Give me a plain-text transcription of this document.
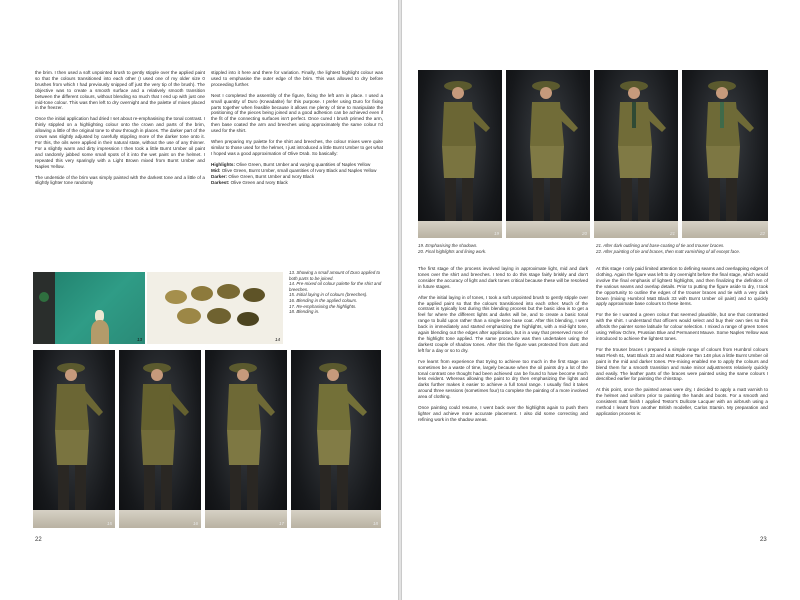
the brim. I then used a soft unpointed brush to gently stipple over the applied paint so that the colours transitioned into each other (I used one of my older size 0 brushes from which I had previously snipped off just the very tip of the brush). The objective was to create a smooth surface and a relatively smooth transition between the different colours, without blending so much that I end up with just one mid-tone colour. This was then left to dry overnight and the palette of mixes placed in the freezer.

Once the initial application had dried I set about re-emphasising the tonal contrast. I thinly stippled on a highlighting colour onto the crown and parts of the brim, allowing a little of the original tone to show through in places. The darker part of the crown was slightly adjusted by carefully stippling more of the darker tone onto it. For this, the oils were applied in their natural state, without the use of any thinner. For a slightly warm and dirty impression I then took a little Burnt Umber oil paint and randomly jabbed some small spots of it into the wet paint on the helmet. I repeated this very sparingly with a Light Brown mixed from Burnt Umber and Naples Yellow.

The underside of the brim was simply painted with the darkest tone and a little of a slightly lighter tone randomly

stippled into it here and there for variation. Finally, the lightest highlight colour was used to emphasise the outer edge of the brim. This was allowed to dry before proceeding further.

Next I completed the assembly of the figure, fixing the left arm in place. I used a small quantity of Duro (Kneadatite) for this purpose. I prefer using Duro for fixing parts together when feasible because it allows me plenty of time to manipulate the positioning of the pieces being joined and a good adhesion can be achieved even if the fit of the connecting surfaces isn't perfect. Once cured I brush primed the arm, then base coated the arm and breeches using approximately the same colour I'd used for the shirt.

When preparing my palette for the shirt and breeches, the colour mixes were quite similar to those used for the helmet, I just introduced a little Burnt Umber to get what I hoped was a good approximation of Olive Drab. So basically:

Highlights: Olive Green, Burnt Umber and varying quantities of Naples Yellow
Mid: Olive Green, Burnt Umber, small quantities of Ivory Black and Naples Yellow
Darker: Olive Green, Burnt Umber and Ivory Black
Darkest: Olive Green and Ivory Black
13	14

13. Showing a small amount of Duro applied to both parts to be joined.

14. Pre-mixed oil colour palette for the shirt and breeches.

15. Initial laying in of colours (breeches).

16. Blending in the applied colours.

17. Re-emphasising the highlights.

18. Blending in.

15	16	17	18
22
19	20	21	22

19. Emphasising the shadows.

20. Final highlights and lining work.

21. After dark outlining and base-coating of tie and trouser braces.

22. After painting of tie and braces, then matt varnishing of all except face.

The first stage of the process involved laying in approximate light, mid and dark tones over the shirt and breeches. I tend to do this stage fairly briskly and don't consider the accuracy of light and dark tones critical because these will be resolved in future stages.

After the initial laying in of tones, I took a soft unpointed brush to gently stipple over the applied paint so that the colours transitioned into each other. Much of the contrast is typically lost during this blending process but the basic idea is to get a feel for where the different lights and darks will be, and to create a basic tonal range to build upon rather than a single-tone base coat. After this blending, I went back in immediately and started emphasizing the highlights, with a mid-light tone, again blending out the edges after application, but in a way that preserved more of the highlight tone applied. The same procedure was then undertaken using the darkest couple of shadow tones. After this the figure was protected from dust and left for a day or so to dry.

I've learnt from experience that trying to achieve too much in the first stage can sometimes be a waste of time, largely because when the oil paints dry a lot of the tonal contrast one thought had been achieved can be found to have become much less evident. Whereas allowing the paint to dry then emphasizing the lights and darks further makes it easier to achieve a full tonal range. I usually find it takes around three sessions (sometimes four) to complete the painting of a more involved area of clothing.

Once painting could resume, I went back over the highlights again to push them lighter and achieve more accurate placement. I also did some correcting and refining work in the shadow areas.

At this stage I only paid limited attention to defining seams and overlapping edges of clothing. Again the figure was left to dry overnight before the final stage, which would involve the final emphasis of lightest highlights, and then finalizing the definition of the various seams and overlap details. Prior to putting the figure aside to dry, I took the opportunity to outline the edges of the trouser braces and tie with a very dark brown (mixing Humbrol Matt Black 33 with Burnt Umber oil paint) and to quickly apply approximate base colours to these items.

For the tie I wanted a green colour that seemed plausible, but one that contrasted with the shirt. I understand that officers would select and buy their own ties so this affords the painter some latitude for colour selection. I mixed a range of green tones using Yellow Ochre, Prussian Blue and Permanent Mauve. Some Naples Yellow was introduced to achieve the lightest tones.

For the trouser braces I prepared a simple range of colours from Humbrol colours Matt Flesh 61, Matt Black 33 and Matt Radome Tan 148 plus a little Burnt Umber oil paint in the mid and darker tones. Pre-mixing enabled me to apply the colours and blend them for a smooth transition and make minor adjustments relatively quickly and easily. The leather parts of the braces were painted using the same colours I described earlier for painting the chinstrap.

At this point, once the painted areas were dry, I decided to apply a matt varnish to the helmet and uniform prior to painting the hands and boots. For a smooth and consistent matt finish I applied Testor's Dullcote Lacquer with an airbrush using a method I learnt from another British modeller, Carlos Starsin. My preparation and application process is:

23
